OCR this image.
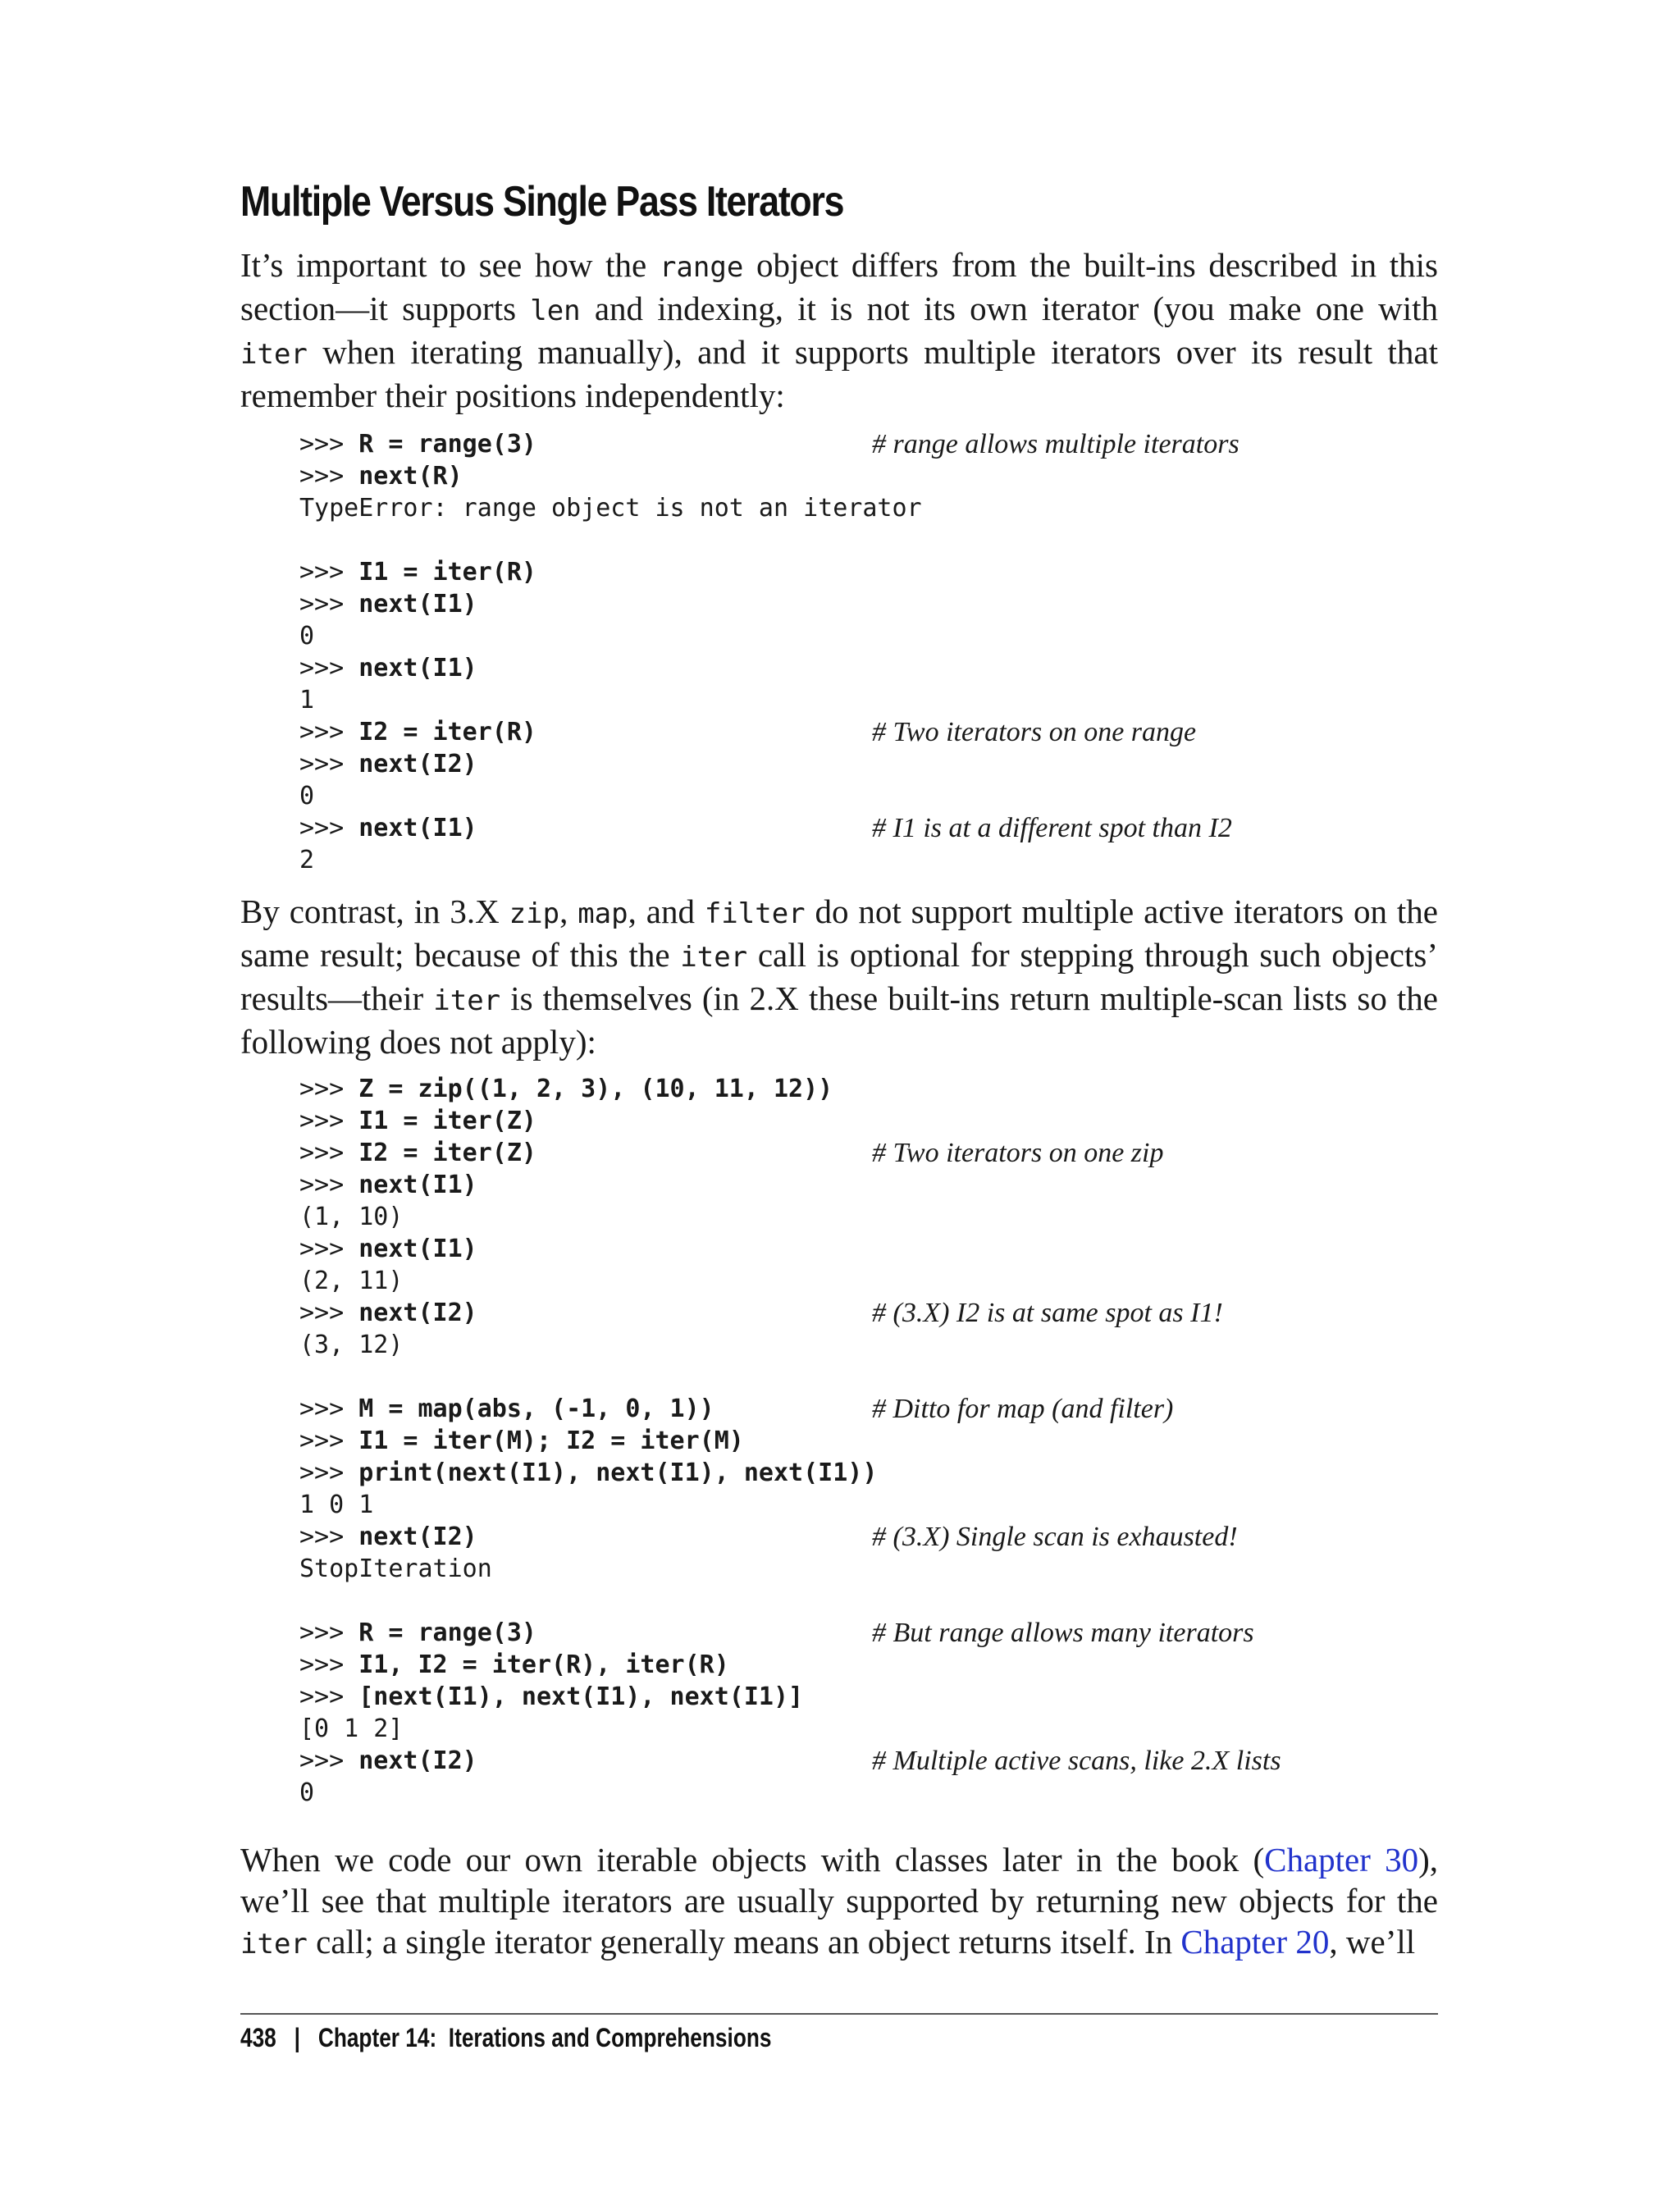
Multiple Versus Single Pass Iterators
It’s important to see how the range object differs from the built-ins described in this
section—it supports len and indexing, it is not its own iterator (you make one with
iter when iterating manually), and it supports multiple iterators over its result that
remember their positions independently:
>>> R = range(3)	# range allows multiple iterators
>>> next(R)
TypeError: range object is not an iterator
>>> I1 = iter(R)
>>> next(I1)
0
>>> next(I1)
1
>>> I2 = iter(R)	# Two iterators on one range
>>> next(I2)
0
>>> next(I1)	# I1 is at a different spot than I2
2
By contrast, in 3.X zip, map, and filter do not support multiple active iterators on the
same result; because of this the iter call is optional for stepping through such objects’
results—their iter is themselves (in 2.X these built-ins return multiple-scan lists so the
following does not apply):
>>> Z = zip((1, 2, 3), (10, 11, 12))
>>> I1 = iter(Z)
>>> I2 = iter(Z)	# Two iterators on one zip
>>> next(I1)
(1, 10)
>>> next(I1)
(2, 11)
>>> next(I2)	# (3.X) I2 is at same spot as I1!
(3, 12)
>>> M = map(abs, (-1, 0, 1))	# Ditto for map (and filter)
>>> I1 = iter(M); I2 = iter(M)
>>> print(next(I1), next(I1), next(I1))
1 0 1
>>> next(I2)	# (3.X) Single scan is exhausted!
StopIteration
>>> R = range(3)	# But range allows many iterators
>>> I1, I2 = iter(R), iter(R)
>>> [next(I1), next(I1), next(I1)]
[0 1 2]
>>> next(I2)	# Multiple active scans, like 2.X lists
0
When we code our own iterable objects with classes later in the book (Chapter 30),
we’ll see that multiple iterators are usually supported by returning new objects for the
iter call; a single iterator generally means an object returns itself. In Chapter 20, we’ll
438 | Chapter 14:  Iterations and Comprehensions
